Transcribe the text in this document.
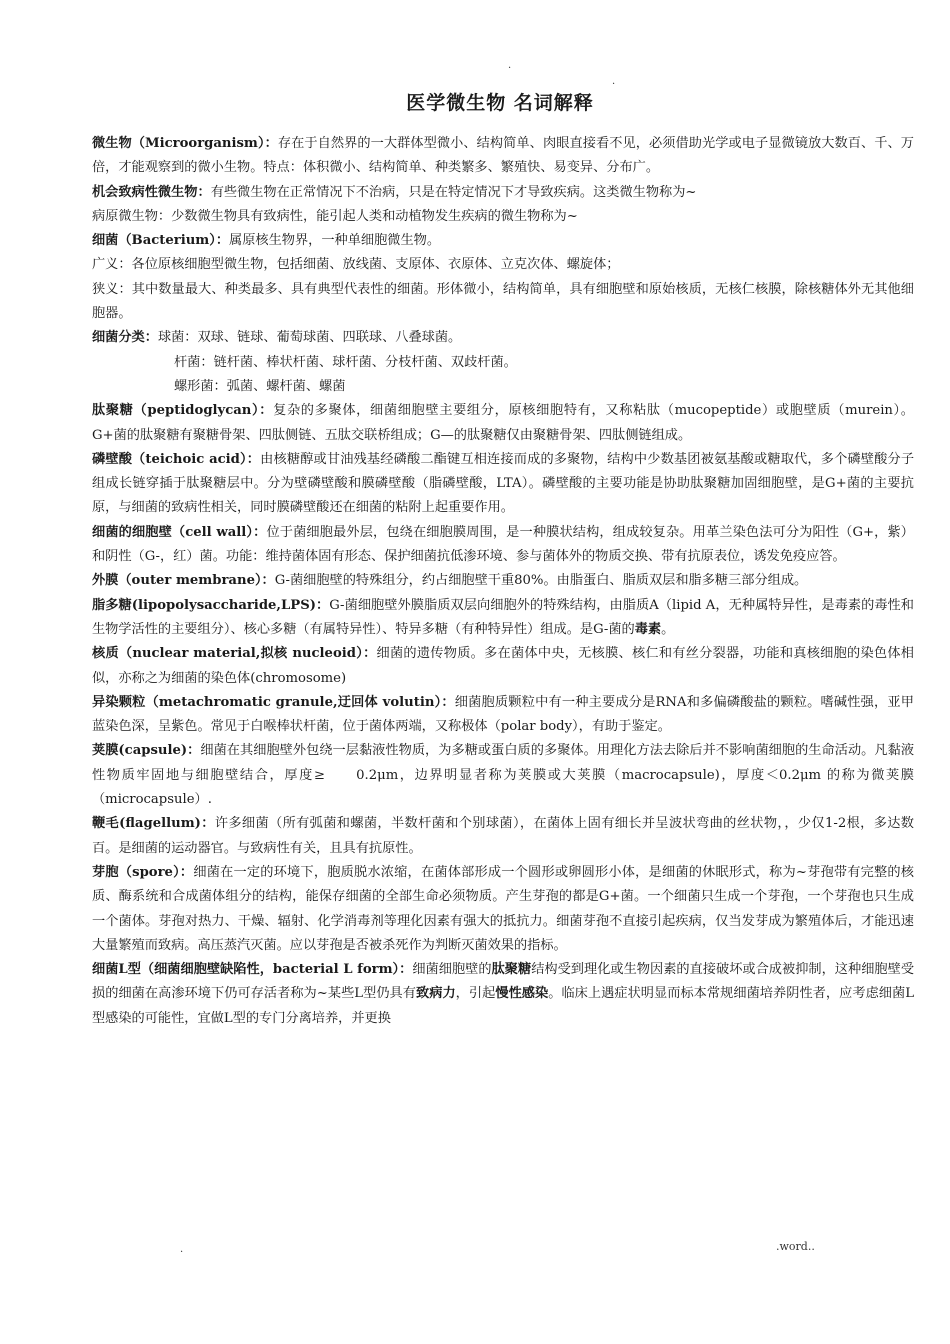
.
.
医学微生物 名词解释

微生物（Microorganism）：存在于自然界的一大群体型微小、结构简单、肉眼直接看不见，必须借助光学或电子显微镜放大数百、千、万倍，才能观察到的微小生物。特点：体积微小、结构简单、种类繁多、繁殖快、易变异、分布广。

机会致病性微生物：有些微生物在正常情况下不治病，只是在特定情况下才导致疾病。这类微生物称为~

病原微生物：少数微生物具有致病性，能引起人类和动植物发生疾病的微生物称为~

细菌（Bacterium）：属原核生物界，一种单细胞微生物。

广义：各位原核细胞型微生物，包括细菌、放线菌、支原体、衣原体、立克次体、螺旋体；

狭义：其中数量最大、种类最多、具有典型代表性的细菌。形体微小，结构简单，具有细胞壁和原始核质，无核仁核膜，除核糖体外无其他细胞器。

细菌分类：球菌：双球、链球、葡萄球菌、四联球、八叠球菌。

杆菌：链杆菌、棒状杆菌、球杆菌、分枝杆菌、双歧杆菌。

螺形菌：弧菌、螺杆菌、螺菌

肽聚糖（peptidoglycan）：复杂的多聚体，细菌细胞壁主要组分，原核细胞特有，又称粘肽（mucopeptide）或胞壁质（murein）。G+菌的肽聚糖有聚糖骨架、四肽侧链、五肽交联桥组成；G—的肽聚糖仅由聚糖骨架、四肽侧链组成。

磷壁酸（teichoic acid）：由核糖醇或甘油残基经磷酸二酯键互相连接而成的多聚物，结构中少数基团被氨基酸或糖取代，多个磷壁酸分子组成长链穿插于肽聚糖层中。分为壁磷壁酸和膜磷壁酸（脂磷壁酸，LTA）。磷壁酸的主要功能是协助肽聚糖加固细胞壁，是G+菌的主要抗原，与细菌的致病性相关，同时膜磷壁酸还在细菌的粘附上起重要作用。

细菌的细胞壁（cell wall）：位于菌细胞最外层，包绕在细胞膜周围，是一种膜状结构，组成较复杂。用革兰染色法可分为阳性（G+，紫）和阴性（G-，红）菌。功能：维持菌体固有形态、保护细菌抗低渗环境、参与菌体外的物质交换、带有抗原表位，诱发免疫应答。

外膜（outer membrane）：G-菌细胞壁的特殊组分，约占细胞壁干重80%。由脂蛋白、脂质双层和脂多糖三部分组成。

脂多糖(lipopolysaccharide,LPS)：G-菌细胞壁外膜脂质双层向细胞外的特殊结构，由脂质A（lipid A，无种属特异性，是毒素的毒性和生物学活性的主要组分）、核心多糖（有属特异性）、特异多糖（有种特异性）组成。是G-菌的毒素。

核质（nuclear material,拟核 nucleoid）：细菌的遗传物质。多在菌体中央，无核膜、核仁和有丝分裂器，功能和真核细胞的染色体相似，亦称之为细菌的染色体(chromosome)

异染颗粒（metachromatic granule,迂回体 volutin）：细菌胞质颗粒中有一种主要成分是RNA和多偏磷酸盐的颗粒。嗜碱性强，亚甲蓝染色深，呈紫色。常见于白喉棒状杆菌，位于菌体两端，又称极体（polar body），有助于鉴定。

荚膜(capsule)：细菌在其细胞壁外包绕一层黏液性物质，为多糖或蛋白质的多聚体。用理化方法去除后并不影响菌细胞的生命活动。凡黏液性物质牢固地与细胞壁结合，厚度≥　　0.2μm，边界明显者称为荚膜或大荚膜（macrocapsule)，厚度＜0.2μm 的称为微荚膜（microcapsule）.

鞭毛(flagellum)：许多细菌（所有弧菌和螺菌，半数杆菌和个别球菌），在菌体上固有细长并呈波状弯曲的丝状物，，少仅1-2根，多达数百。是细菌的运动器官。与致病性有关，且具有抗原性。

芽胞（spore）：细菌在一定的环境下，胞质脱水浓缩，在菌体部形成一个圆形或卵圆形小体，是细菌的休眠形式，称为~芽孢带有完整的核质、酶系统和合成菌体组分的结构，能保存细菌的全部生命必须物质。产生芽孢的都是G+菌。一个细菌只生成一个芽孢，一个芽孢也只生成一个菌体。芽孢对热力、干燥、辐射、化学消毒剂等理化因素有强大的抵抗力。细菌芽孢不直接引起疾病，仅当发芽成为繁殖体后，才能迅速大量繁殖而致病。高压蒸汽灭菌。应以芽孢是否被杀死作为判断灭菌效果的指标。

细菌L型（细菌细胞壁缺陷性，bacterial L form）：细菌细胞壁的肽聚糖结构受到理化或生物因素的直接破坏或合成被抑制，这种细胞壁受损的细菌在高渗环境下仍可存活者称为~某些L型仍具有致病力，引起慢性感染。临床上遇症状明显而标本常规细菌培养阴性者，应考虑细菌L型感染的可能性，宜做L型的专门分离培养，并更换

.	.word..
